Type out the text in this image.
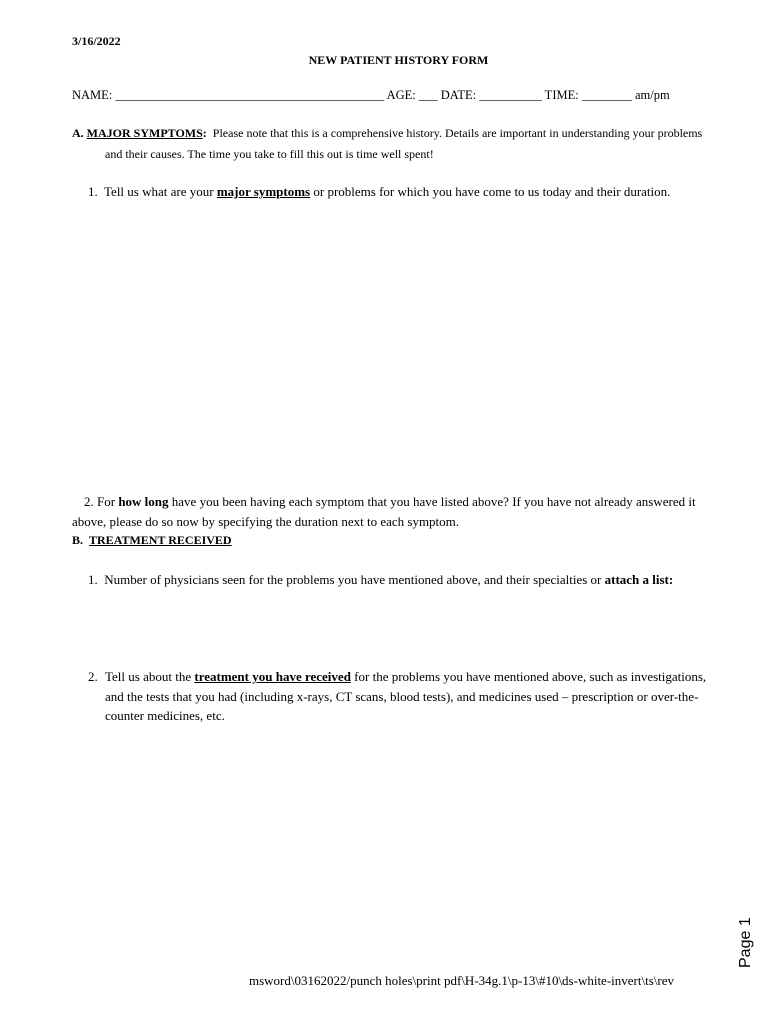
3/16/2022
NEW PATIENT HISTORY FORM
NAME: ___________________________________________ AGE: ___ DATE: __________ TIME: ________ am/pm
A. MAJOR SYMPTOMS: Please note that this is a comprehensive history. Details are important in understanding your problems
and their causes. The time you take to fill this out is time well spent!
1. Tell us what are your major symptoms or problems for which you have come to us today and their duration.
2. For how long have you been having each symptom that you have listed above? If you have not already answered it
above, please do so now by specifying the duration next to each symptom.
B. TREATMENT RECEIVED
1. Number of physicians seen for the problems you have mentioned above, and their specialties or attach a list:
2. Tell us about the treatment you have received for the problems you have mentioned above, such as investigations,
and the tests that you had (including x-rays, CT scans, blood tests), and medicines used – prescription or over-the-
counter medicines, etc.
Page 1
msword\03162022/punch holes\print pdf\H-34g.1\p-13\#10\ds-white-invert\ts\rev
